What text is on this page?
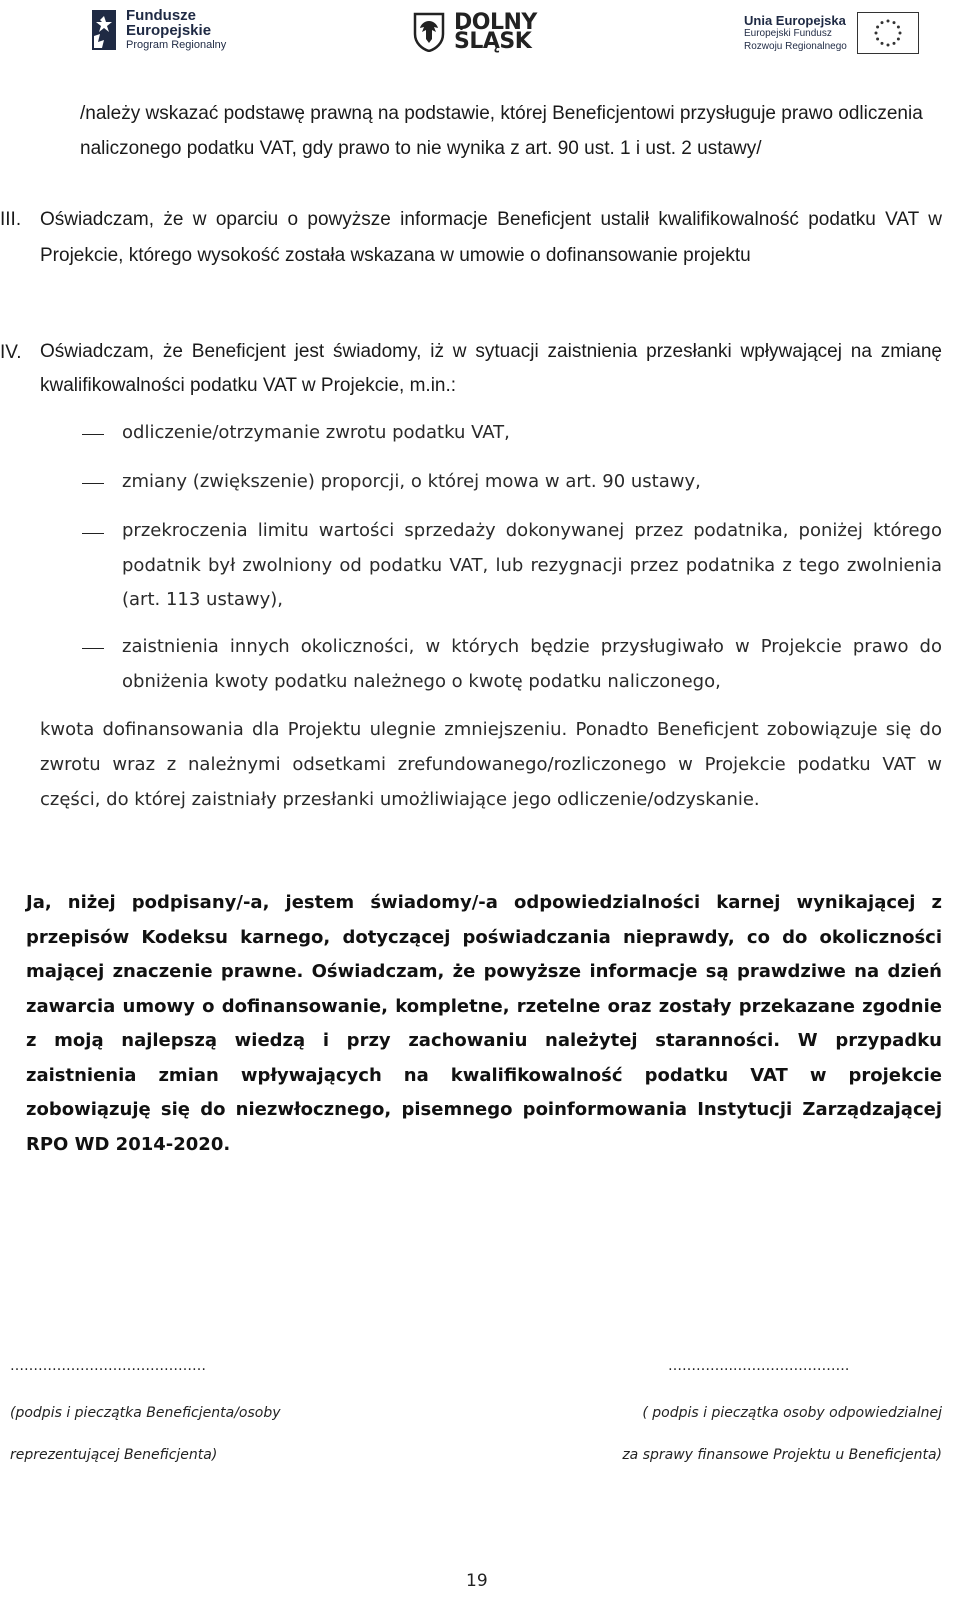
Fundusze
Europejskie
Program Regionalny
DOLNY
ŚLĄSK
Unia Europejska
Europejski Fundusz
Rozwoju Regionalnego

/należy wskazać podstawę prawną na podstawie, której Beneficjentowi przysługuje prawo odliczenia naliczonego podatku VAT, gdy prawo to nie wynika z art. 90 ust. 1 i ust. 2 ustawy/

III. Oświadczam, że w oparciu o powyższe informacje Beneficjent ustalił kwalifikowalność podatku VAT w Projekcie, którego wysokość została wskazana w umowie o dofinansowanie projektu

IV. Oświadczam, że Beneficjent jest świadomy, iż w sytuacji zaistnienia przesłanki wpływającej na zmianę kwalifikowalności podatku VAT w Projekcie, m.in.:

odliczenie/otrzymanie zwrotu podatku VAT,

zmiany (zwiększenie) proporcji, o której mowa w art. 90 ustawy,

przekroczenia limitu wartości sprzedaży dokonywanej przez podatnika, poniżej którego podatnik był zwolniony od podatku VAT, lub rezygnacji przez podatnika z tego zwolnienia (art. 113 ustawy),

zaistnienia innych okoliczności, w których będzie przysługiwało w Projekcie prawo do obniżenia kwoty podatku należnego o kwotę podatku naliczonego,

kwota dofinansowania dla Projektu ulegnie zmniejszeniu. Ponadto Beneficjent zobowiązuje się do zwrotu wraz z należnymi odsetkami zrefundowanego/rozliczonego w Projekcie podatku VAT w części, do której zaistniały przesłanki umożliwiające jego odliczenie/odzyskanie.

Ja, niżej podpisany/-a, jestem świadomy/-a odpowiedzialności karnej wynikającej z przepisów Kodeksu karnego, dotyczącej poświadczania nieprawdy, co do okoliczności mającej znaczenie prawne. Oświadczam, że powyższe informacje są prawdziwe na dzień zawarcia umowy o dofinansowanie, kompletne, rzetelne oraz zostały przekazane zgodnie z moją najlepszą wiedzą i przy zachowaniu należytej staranności. W przypadku zaistnienia zmian wpływających na kwalifikowalność podatku VAT w projekcie zobowiązuję się do niezwłocznego, pisemnego poinformowania Instytucji Zarządzającej RPO WD 2014-2020.

……………………………………	…………..…………………….
(podpis i pieczątka Beneficjenta/osoby
reprezentującej Beneficjenta)
( podpis i pieczątka osoby odpowiedzialnej
za sprawy finansowe Projektu u Beneficjenta)
19
